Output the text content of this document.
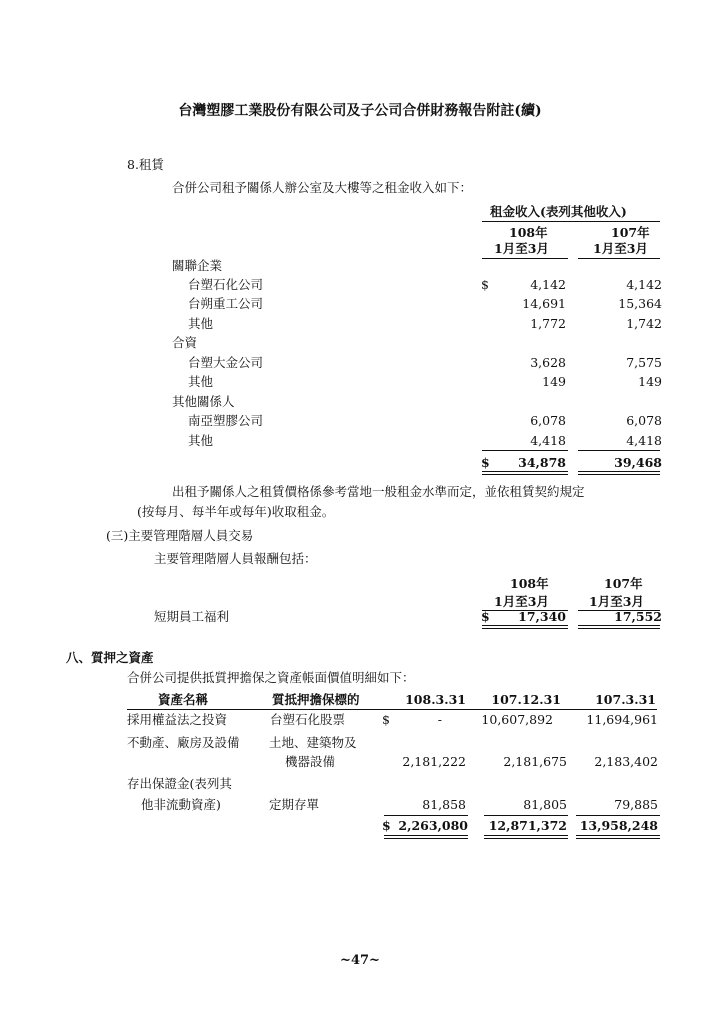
台灣塑膠工業股份有限公司及子公司合併財務報告附註(續)
8.租賃
合併公司租予關係人辦公室及大樓等之租金收入如下：
租金收入(表列其他收入)
108年	107年
1月至3月	1月至3月
關聯企業
台塑石化公司	$	4,142	4,142
台朔重工公司	14,691	15,364
其他	1,772	1,742
合資
台塑大金公司	3,628	7,575
其他	149	149
其他關係人
南亞塑膠公司	6,078	6,078
其他	4,418	4,418
$	34,878	39,468
出租予關係人之租賃價格係參考當地一般租金水準而定，並依租賃契約規定
(按每月、每半年或每年)收取租金。
(三)主要管理階層人員交易
主要管理階層人員報酬包括：
108年	107年
1月至3月	1月至3月
短期員工福利	$	17,340	17,552
八、質押之資產
合併公司提供抵質押擔保之資產帳面價值明細如下：
資產名稱	質抵押擔保標的	108.3.31	107.12.31	107.3.31
採用權益法之投資	台塑石化股票	$	-	10,607,892	11,694,961
不動產、廠房及設備 土地、建築物及
機器設備	2,181,222	2,181,675	2,183,402
存出保證金(表列其
他非流動資產)	定期存單	81,858	81,805	79,885
$ 2,263,080	12,871,372	13,958,248
~47~
